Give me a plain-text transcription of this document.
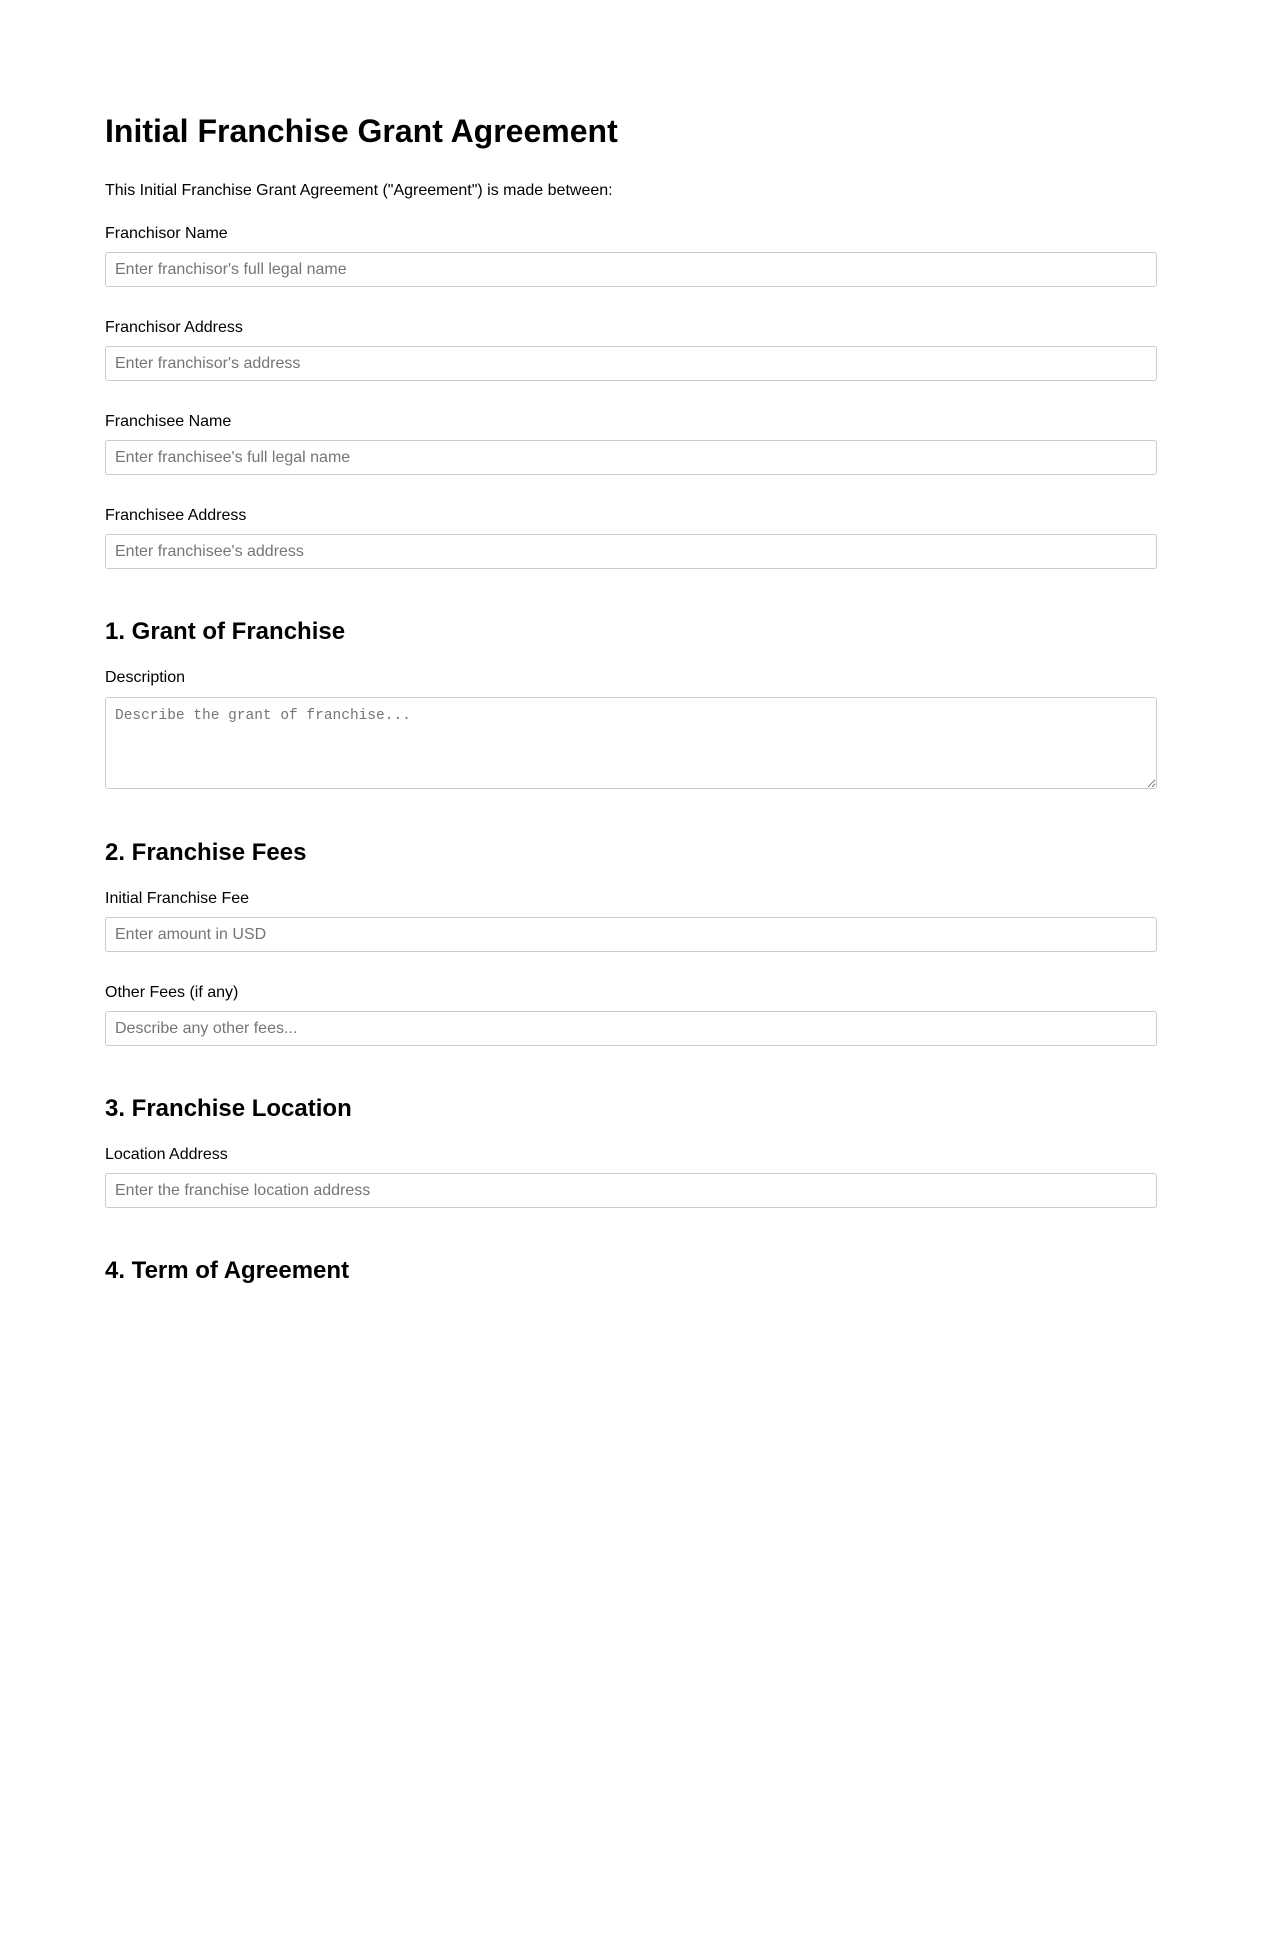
Initial Franchise Grant Agreement

This Initial Franchise Grant Agreement ("Agreement") is made between:

Franchisor Name
Enter franchisor's full legal name
Franchisor Address
Enter franchisor's address
Franchisee Name
Enter franchisee's full legal name
Franchisee Address
Enter franchisee's address
1. Grant of Franchise
Description
Describe the grant of franchise...
2. Franchise Fees
Initial Franchise Fee
Enter amount in USD
Other Fees (if any)
Describe any other fees...
3. Franchise Location
Location Address
Enter the franchise location address
4. Term of Agreement
